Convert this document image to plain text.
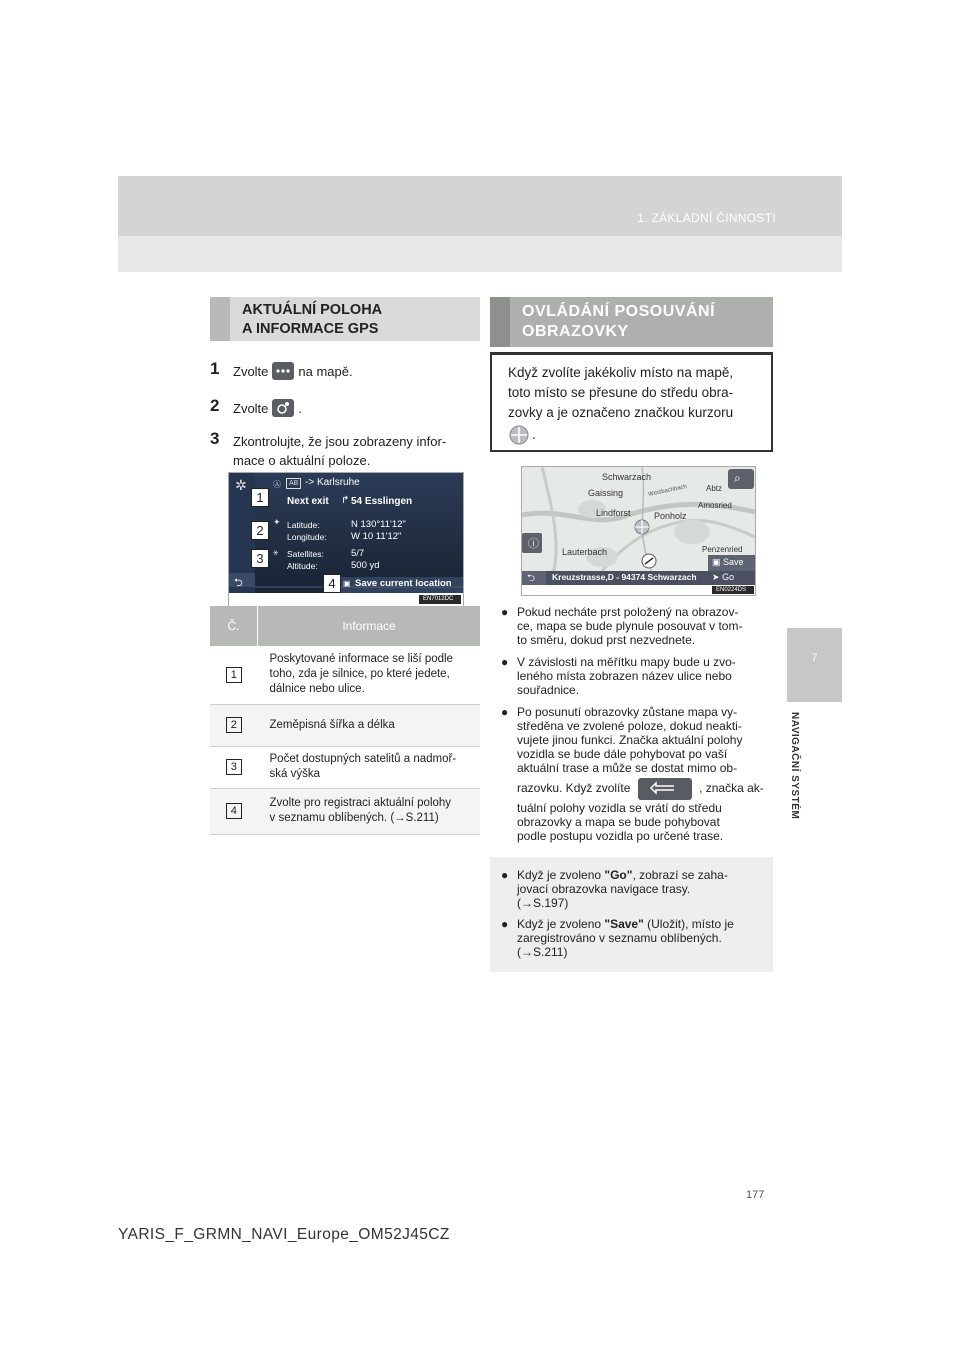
1. ZÁKLADNÍ ČINNOSTI
7
NAVIGAČNÍ SYSTÉM
AKTUÁLNÍ POLOHA
A INFORMACE GPS
1 Zvolte na mapě.
2 Zvolte .
3 Zkontrolujte, že jsou zobrazeny infor-
mace o aktuální poloze.
✲	Ⓐ	AB -> Karlsruhe
Next exit ↱ 54 Esslingen
✦ Latitude:	N 130°11'12"
Longitude:	W 10 11'12"
⚹ Satellites:	5/7
Altitude:	500 yd
⮌	▣ Save current location
EN7012DC
1
2
3
4
Č.	Informace
1	Poskytované informace se liší podle
toho, zda je silnice, po které jedete,
dálnice nebo ulice.

2	Zeměpisná šířka a délka

3	Počet dostupných satelitů a nadmoř-
ská výška

4	Zvolte pro registraci aktuální polohy
v seznamu oblíbených. (→S.211)
OVLÁDÁNÍ POSOUVÁNÍ
OBRAZOVKY
Když zvolíte jakékoliv místo na mapě,
toto místo se přesune do středu obra-
zovky a je označeno značkou kurzoru
.
Schwarzach
Gaissing	Weisbachbach Abtz
Amosried
Lindforst	Ponholz
Lauterbach	Penzenried
⌕
ⓘ
⮌ Kreuzstrasse,D - 94374 Schwarzach
▣ Save
➤ Go
EN0224DS
● Pokud necháte prst položený na obrazov-
ce, mapa se bude plynule posouvat v tom-
to směru, dokud prst nezvednete.
● V závislosti na měřítku mapy bude u zvo-
leného místa zobrazen název ulice nebo
souřadnice.
● Po posunutí obrazovky zůstane mapa vy-
středěna ve zvolené poloze, dokud neakti-
vujete jinou funkci. Značka aktuální polohy
vozidla se bude dále pohybovat po vaší
aktuální trase a může se dostat mimo ob-
razovku. Když zvolíte	, značka ak-
tuální polohy vozidla se vrátí do středu
obrazovky a mapa se bude pohybovat
podle postupu vozidla po určené trase.
● Když je zvoleno "Go", zobrazí se zaha-
jovací obrazovka navigace trasy.
(→S.197)
● Když je zvoleno "Save" (Uložit), místo je
zaregistrováno v seznamu oblíbených.
(→S.211)
177
YARIS_F_GRMN_NAVI_Europe_OM52J45CZ
